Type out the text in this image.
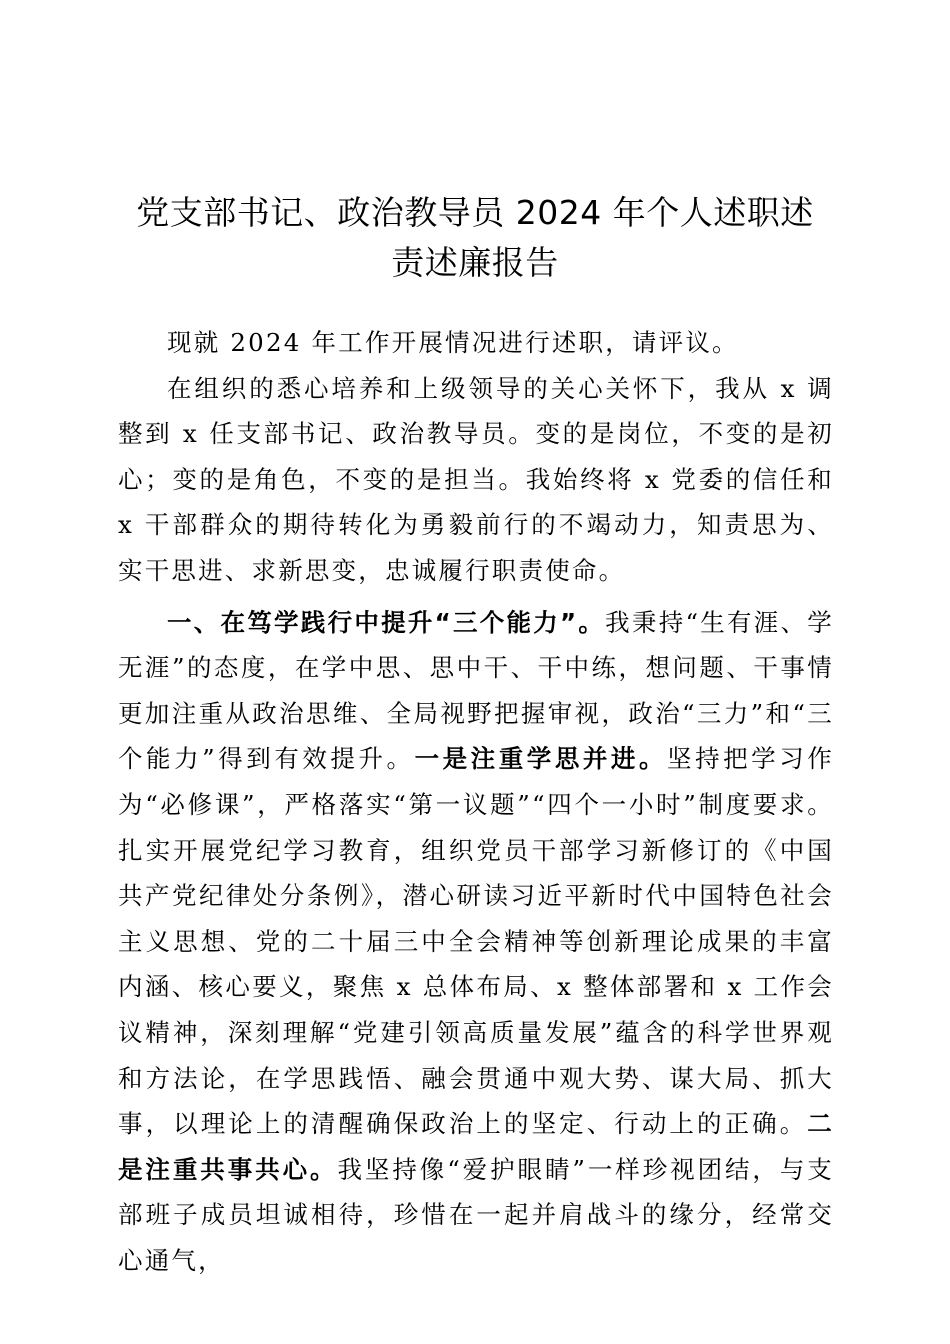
党支部书记、政治教导员 2024 年个人述职述
责述廉报告

现就 2024 年工作开展情况进行述职，请评议。

在组织的悉心培养和上级领导的关心关怀下，我从 x 调整到 x 任支部书记、政治教导员。变的是岗位，不变的是初心；变的是角色，不变的是担当。我始终将 x 党委的信任和 x 干部群众的期待转化为勇毅前行的不竭动力，知责思为、实干思进、求新思变，忠诚履行职责使命。

一、在笃学践行中提升“三个能力”。我秉持“生有涯、学无涯”的态度，在学中思、思中干、干中练，想问题、干事情更加注重从政治思维、全局视野把握审视，政治“三力”和“三个能力”得到有效提升。一是注重学思并进。坚持把学习作为“必修课”，严格落实“第一议题”“四个一小时”制度要求。扎实开展党纪学习教育，组织党员干部学习新修订的《中国共产党纪律处分条例》，潜心研读习近平新时代中国特色社会主义思想、党的二十届三中全会精神等创新理论成果的丰富内涵、核心要义，聚焦 x 总体布局、x 整体部署和 x 工作会议精神，深刻理解“党建引领高质量发展”蕴含的科学世界观和方法论，在学思践悟、融会贯通中观大势、谋大局、抓大事，以理论上的清醒确保政治上的坚定、行动上的正确。二是注重共事共心。我坚持像“爱护眼睛”一样珍视团结，与支部班子成员坦诚相待，珍惜在一起并肩战斗的缘分，经常交心通气，
